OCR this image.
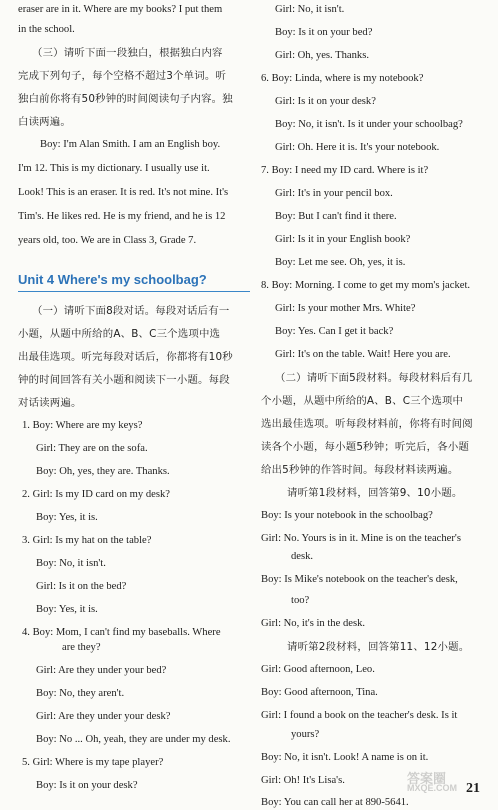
eraser are in it. Where are my books? I put them
in the school.
（三）请听下面一段独白，根据独白内容
完成下列句子，每个空格不超过3个单词。听
独白前你将有50秒钟的时间阅读句子内容。独
白读两遍。
Boy: I'm Alan Smith. I am an English boy.
I'm 12. This is my dictionary. I usually use it.
Look! This is an eraser. It is red. It's not mine. It's
Tim's. He likes red. He is my friend, and he is 12
years old, too. We are in Class 3, Grade 7.
Unit 4 Where's my schoolbag?
（一）请听下面8段对话。每段对话后有一
小题，从题中所给的A、B、C三个选项中选
出最佳选项。听完每段对话后，你都将有10秒
钟的时间回答有关小题和阅读下一小题。每段
对话读两遍。
1. Boy: Where are my keys?
Girl: They are on the sofa.
Boy: Oh, yes, they are. Thanks.
2. Girl: Is my ID card on my desk?
Boy: Yes, it is.
3. Girl: Is my hat on the table?
Boy: No, it isn't.
Girl: Is it on the bed?
Boy: Yes, it is.
4. Boy: Mom, I can't find my baseballs. Where
are they?
Girl: Are they under your bed?
Boy: No, they aren't.
Girl: Are they under your desk?
Boy: No ... Oh, yeah, they are under my desk.
5. Girl: Where is my tape player?
Boy: Is it on your desk?
Girl: No, it isn't.
Boy: Is it on your bed?
Girl: Oh, yes. Thanks.
6. Boy: Linda, where is my notebook?
Girl: Is it on your desk?
Boy: No, it isn't. Is it under your schoolbag?
Girl: Oh. Here it is. It's your notebook.
7. Boy: I need my ID card. Where is it?
Girl: It's in your pencil box.
Boy: But I can't find it there.
Girl: Is it in your English book?
Boy: Let me see. Oh, yes, it is.
8. Boy: Morning. I come to get my mom's jacket.
Girl: Is your mother Mrs. White?
Boy: Yes. Can I get it back?
Girl: It's on the table. Wait! Here you are.
（二）请听下面5段材料。每段材料后有几
个小题，从题中所给的A、B、C三个选项中
选出最佳选项。听每段材料前，你将有时间阅
读各个小题，每小题5秒钟；听完后，各小题
给出5秒钟的作答时间。每段材料读两遍。
请听第1段材料，回答第9、10小题。
Boy: Is your notebook in the schoolbag?
Girl: No. Yours is in it. Mine is on the teacher's
desk.
Boy: Is Mike's notebook on the teacher's desk,
too?
Girl: No, it's in the desk.
请听第2段材料，回答第11、12小题。
Girl: Good afternoon, Leo.
Boy: Good afternoon, Tina.
Girl: I found a book on the teacher's desk. Is it
yours?
Boy: No, it isn't. Look! A name is on it.
Girl: Oh! It's Lisa's.
Boy: You can call her at 890-5641.
答案圈
MXQE.COM 21
